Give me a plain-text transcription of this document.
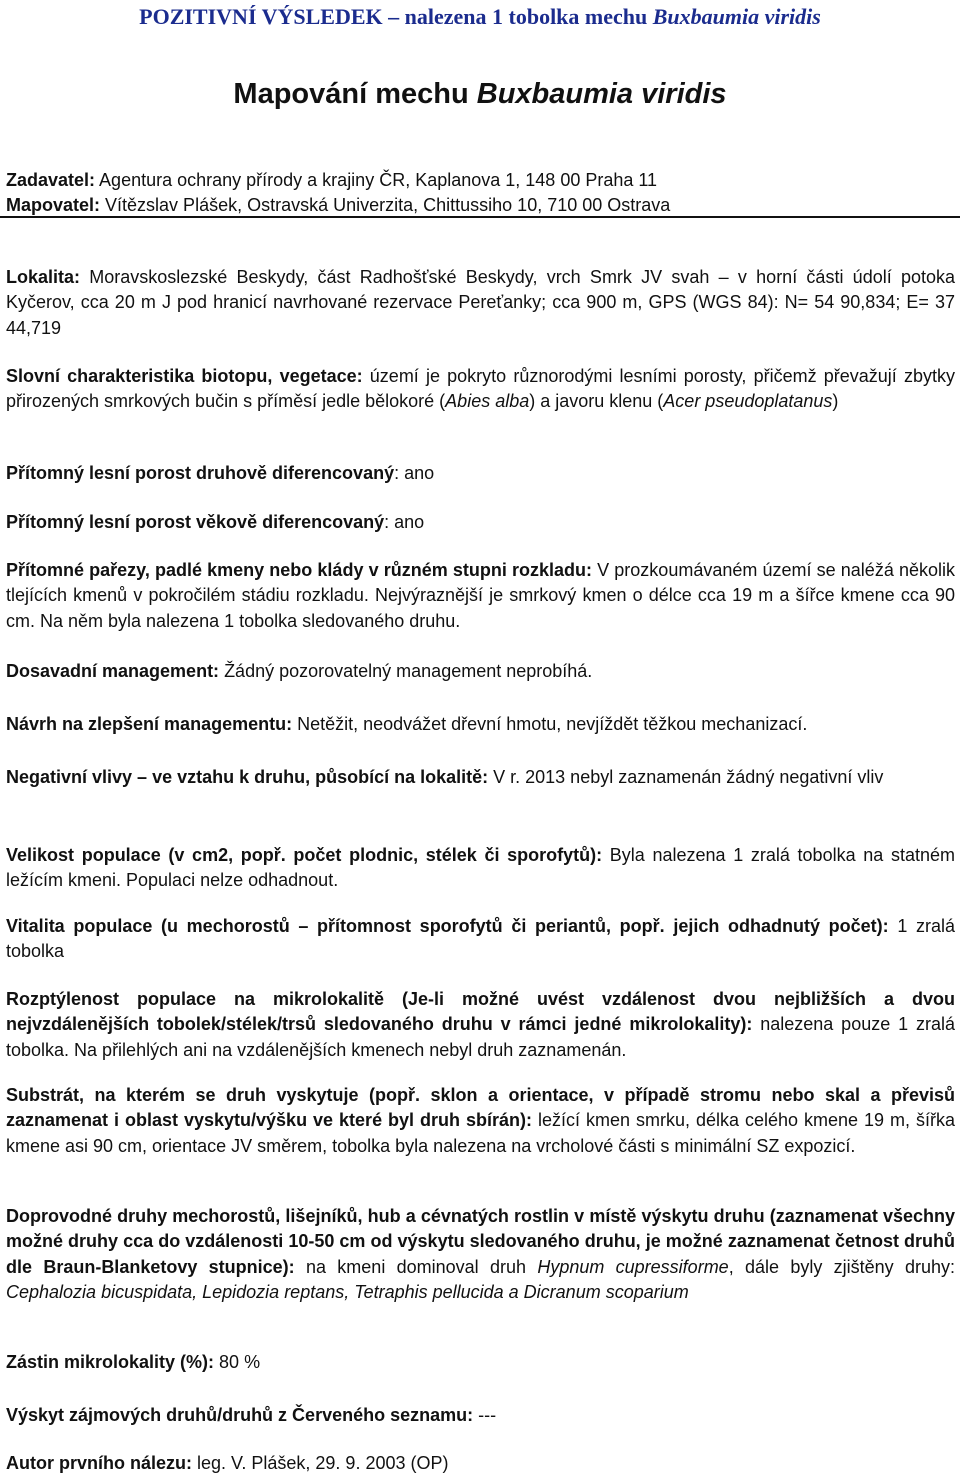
POZITIVNÍ VÝSLEDEK – nalezena 1 tobolka mechu Buxbaumia viridis
Mapování mechu Buxbaumia viridis
Zadavatel: Agentura ochrany přírody a krajiny ČR, Kaplanova 1, 148 00 Praha 11
Mapovatel: Vítězslav Plášek, Ostravská Univerzita, Chittussiho 10, 710 00 Ostrava
Lokalita: Moravskoslezské Beskydy, část Radhošťské Beskydy, vrch Smrk JV svah – v horní části údolí potoka Kyčerov, cca 20 m J pod hranicí navrhované rezervace Pereťanky; cca 900 m, GPS (WGS 84): N= 54 90,834; E= 37 44,719
Slovní charakteristika biotopu, vegetace: území je pokryto různorodými lesními porosty, přičemž převažují zbytky přirozených smrkových bučin s příměsí jedle bělokoré (Abies alba) a javoru klenu (Acer pseudoplatanus)
Přítomný lesní porost druhově diferencovaný: ano
Přítomný lesní porost věkově diferencovaný: ano
Přítomné pařezy, padlé kmeny nebo klády v různém stupni rozkladu: V prozkoumávaném území se naléžá několik tlejících kmenů v pokročilém stádiu rozkladu. Nejvýraznější je smrkový kmen o délce cca 19 m a šířce kmene cca 90 cm. Na něm byla nalezena 1 tobolka sledovaného druhu.
Dosavadní management: Žádný pozorovatelný management neprobíhá.
Návrh na zlepšení managementu: Netěžit, neodvážet dřevní hmotu, nevjíždět těžkou mechanizací.
Negativní vlivy – ve vztahu k druhu, působící na lokalitě: V r. 2013 nebyl zaznamenán žádný negativní vliv
Velikost populace (v cm2, popř. počet plodnic, stélek či sporofytů): Byla nalezena 1 zralá tobolka na statném ležícím kmeni. Populaci nelze odhadnout.
Vitalita populace (u mechorostů – přítomnost sporofytů či periantů, popř. jejich odhadnutý počet): 1 zralá tobolka
Rozptýlenost populace na mikrolokalitě (Je-li možné uvést vzdálenost dvou nejbližších a dvou nejvzdálenějších tobolek/stélek/trsů sledovaného druhu v rámci jedné mikrolokality): nalezena pouze 1 zralá tobolka. Na přilehlých ani na vzdálenějších kmenech nebyl druh zaznamenán.
Substrát, na kterém se druh vyskytuje (popř. sklon a orientace, v případě stromu nebo skal a převisů zaznamenat i oblast vyskytu/výšku ve které byl druh sbírán): ležící kmen smrku, délka celého kmene 19 m, šířka kmene asi 90 cm, orientace JV směrem, tobolka byla nalezena na vrcholové části s minimální SZ expozicí.
Doprovodné druhy mechorostů, lišejníků, hub a cévnatých rostlin v místě výskytu druhu (zaznamenat všechny možné druhy cca do vzdálenosti 10-50 cm od výskytu sledovaného druhu, je možné zaznamenat četnost druhů dle Braun-Blanketovy stupnice): na kmeni dominoval druh Hypnum cupressiforme, dále byly zjištěny druhy: Cephalozia bicuspidata, Lepidozia reptans, Tetraphis pellucida a Dicranum scoparium
Zástin mikrolokality (%): 80 %
Výskyt zájmových druhů/druhů z Červeného seznamu: ---
Autor prvního nálezu: leg. V. Plášek, 29. 9. 2003 (OP)
